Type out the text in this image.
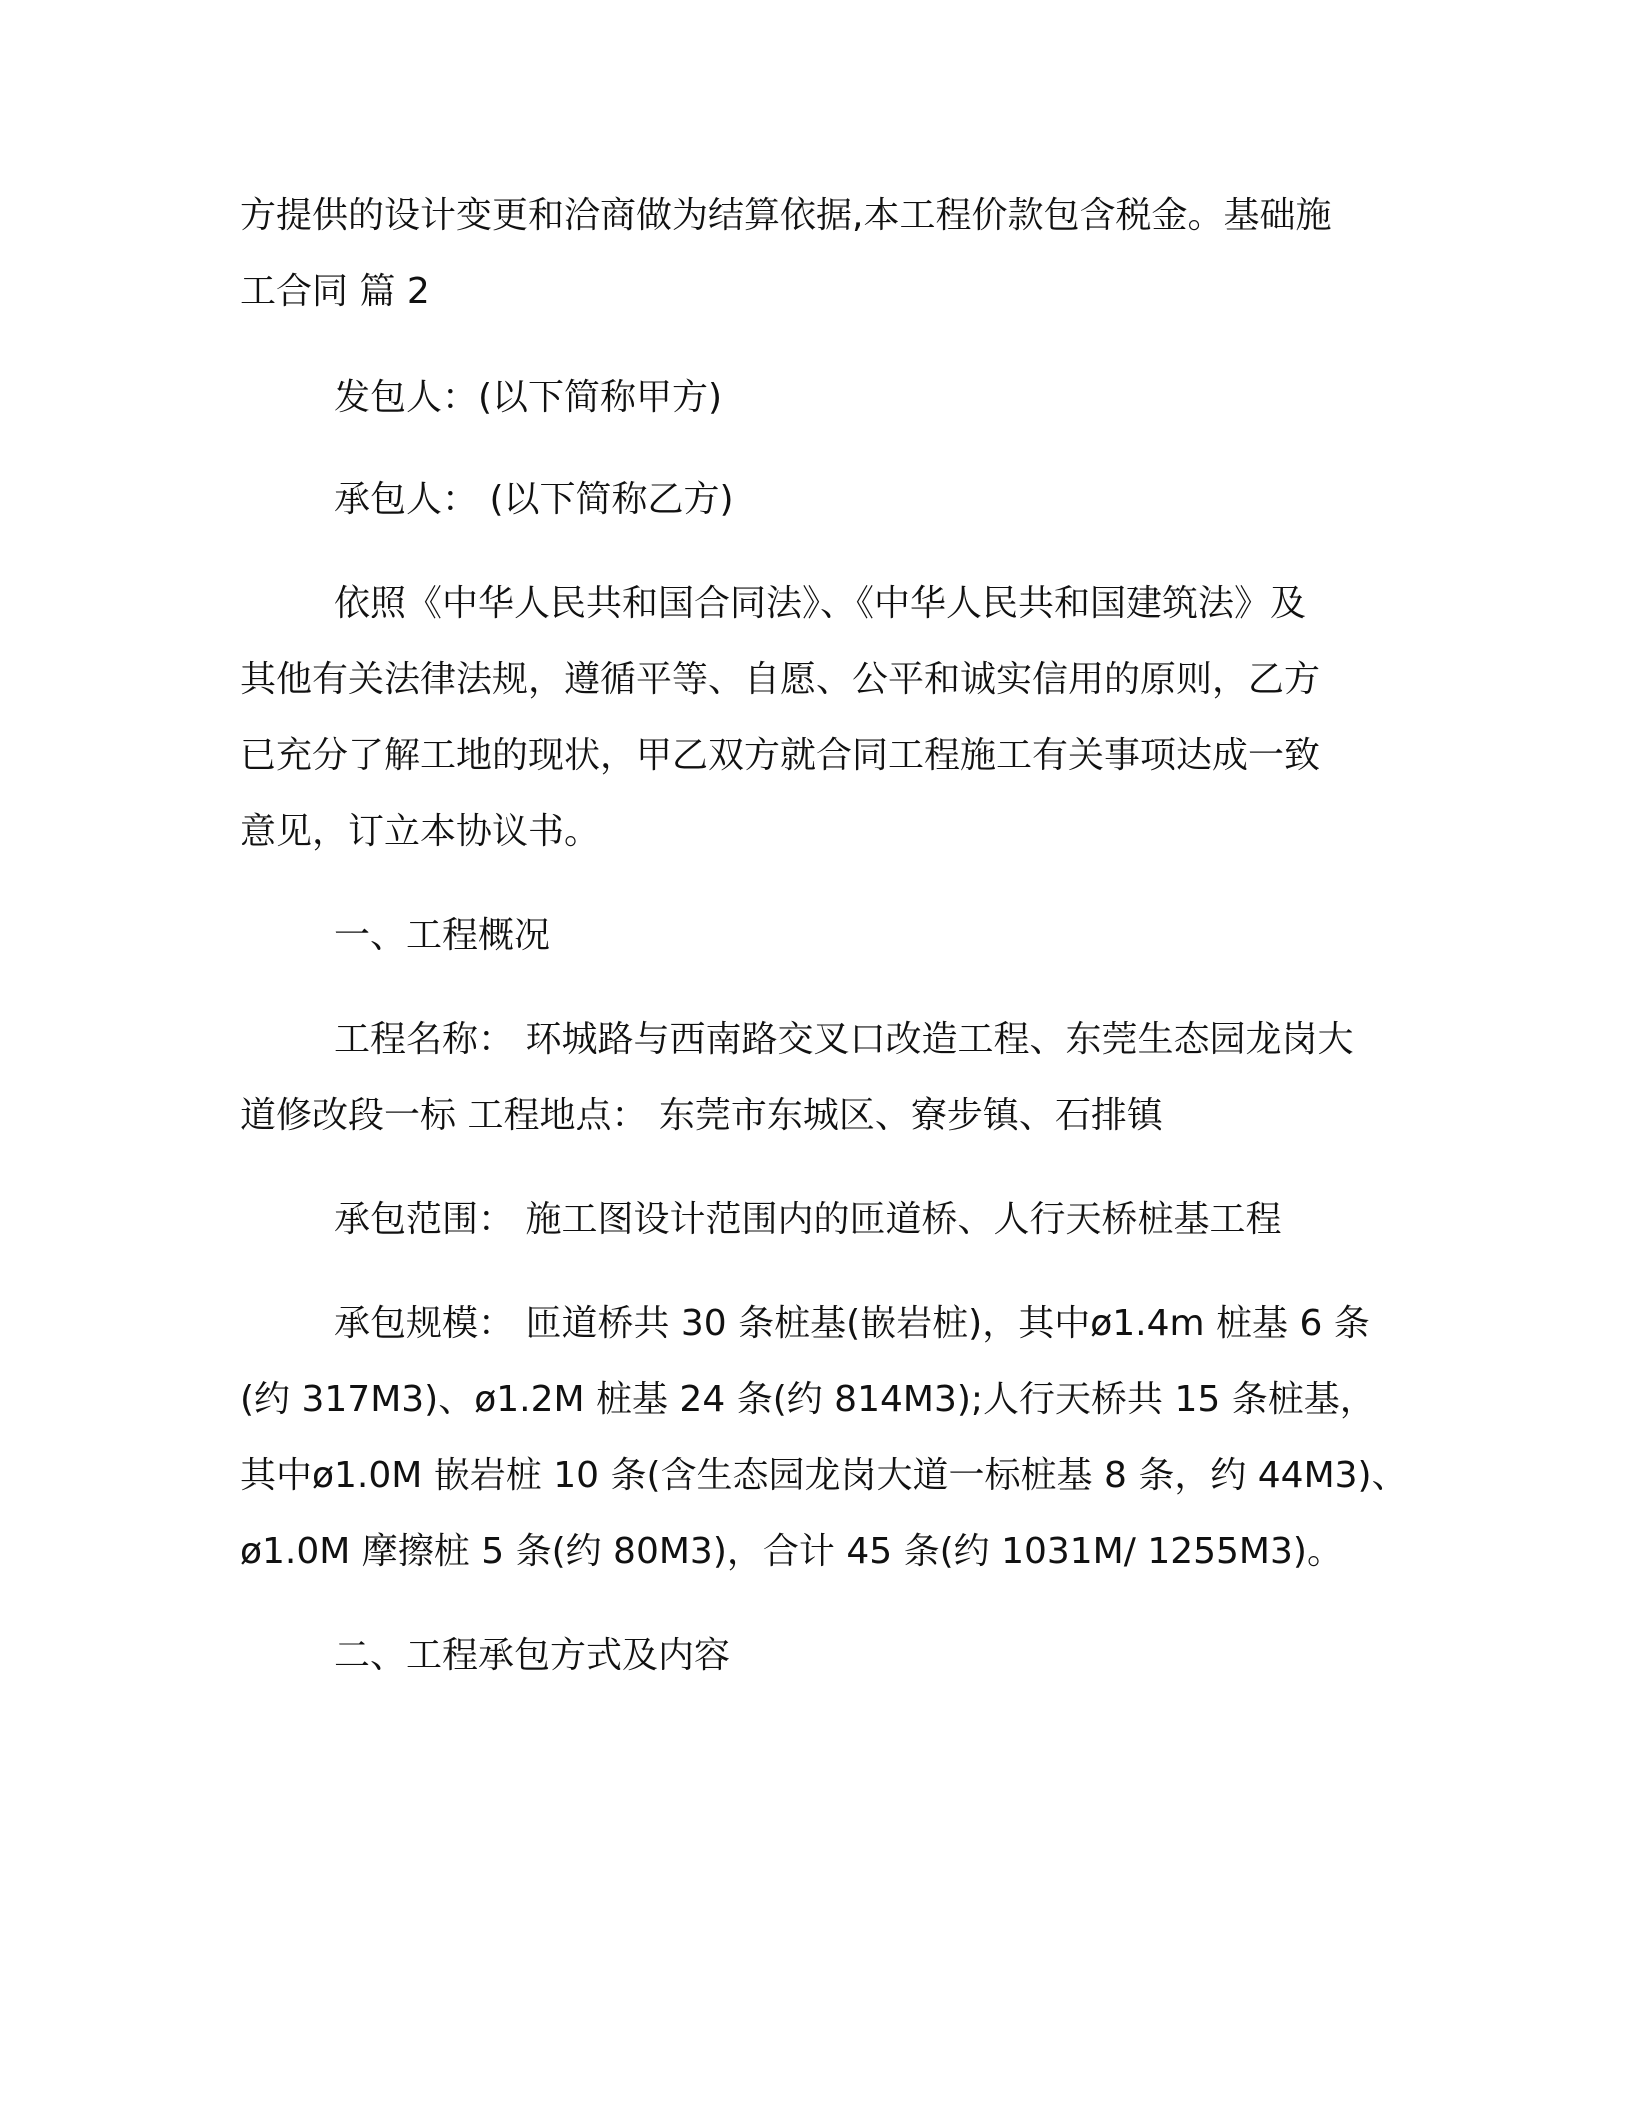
方提供的设计变更和洽商做为结算依据,本工程价款包含税金。基础施

工合同 篇 2

发包人：(以下简称甲方)

承包人： (以下简称乙方)

依照《中华人民共和国合同法》、《中华人民共和国建筑法》及

其他有关法律法规，遵循平等、自愿、公平和诚实信用的原则，乙方

已充分了解工地的现状，甲乙双方就合同工程施工有关事项达成一致

意见，订立本协议书。

一、工程概况

工程名称： 环城路与西南路交叉口改造工程、东莞生态园龙岗大

道修改段一标 工程地点： 东莞市东城区、寮步镇、石排镇

承包范围： 施工图设计范围内的匝道桥、人行天桥桩基工程

承包规模： 匝道桥共 30 条桩基(嵌岩桩)，其中ø1.4m 桩基 6 条

(约 317M3)、ø1.2M 桩基 24 条(约 814M3);人行天桥共 15 条桩基，

其中ø1.0M 嵌岩桩 10 条(含生态园龙岗大道一标桩基 8 条，约 44M3)、

ø1.0M 摩擦桩 5 条(约 80M3)，合计 45 条(约 1031M/ 1255M3)。

二、工程承包方式及内容
